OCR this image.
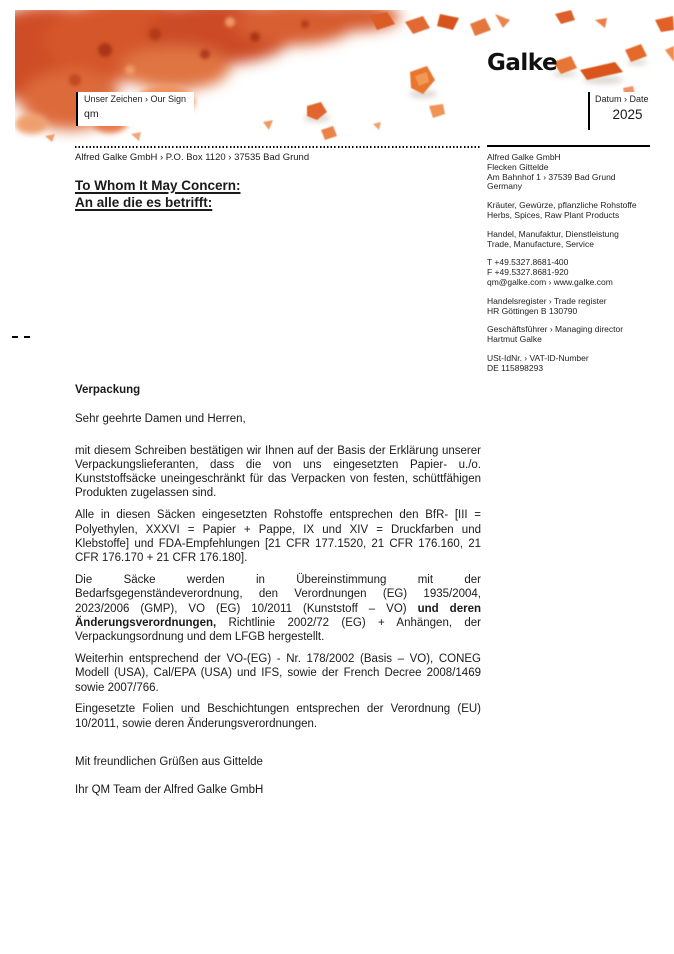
Galke
Unser Zeichen › Our Sign
qm
Datum › Date
2025
Alfred Galke GmbH › P.O. Box 1120 › 37535 Bad Grund
To Whom It May Concern:
An alle die es betrifft:
Alfred Galke GmbH
Flecken Gittelde
Am Bahnhof 1 › 37539 Bad Grund
Germany
Kräuter, Gewürze, pflanzliche Rohstoffe
Herbs, Spices, Raw Plant Products
Handel, Manufaktur, Dienstleistung
Trade, Manufacture, Service
T +49.5327.8681-400
F +49.5327.8681-920
qm@galke.com › www.galke.com
Handelsregister › Trade register
HR Göttingen B 130790
Geschäftsführer › Managing director
Hartmut Galke
USt-IdNr. › VAT-ID-Number
DE 115898293

Verpackung

Sehr geehrte Damen und Herren,

mit diesem Schreiben bestätigen wir Ihnen auf der Basis der Erklärung unserer Verpackungslieferanten, dass die von uns eingesetzten Papier- u./o. Kunststoffsäcke uneingeschränkt für das Verpacken von festen, schüttfähigen Produkten zugelassen sind.

Alle in diesen Säcken eingesetzten Rohstoffe entsprechen den BfR- [III = Polyethylen, XXXVI = Papier + Pappe, IX und XIV = Druckfarben und Klebstoffe] und FDA-Empfehlungen [21 CFR 177.1520, 21 CFR 176.160, 21 CFR 176.170 + 21 CFR 176.180].

Die Säcke werden in Übereinstimmung mit der Bedarfsgegenständeverordnung, den Verordnungen (EG) 1935/2004, 2023/2006 (GMP), VO (EG) 10/2011 (Kunststoff – VO) und deren Änderungsverordnungen, Richtlinie 2002/72 (EG) + Anhängen, der Verpackungsordnung und dem LFGB hergestellt.

Weiterhin entsprechend der VO-(EG) - Nr. 178/2002 (Basis – VO), CONEG Modell (USA), Cal/EPA (USA) und IFS, sowie der French Decree 2008/1469 sowie 2007/766.

Eingesetzte Folien und Beschichtungen entsprechen der Verordnung (EU) 10/2011, sowie deren Änderungsverordnungen.

Mit freundlichen Grüßen aus Gittelde

Ihr QM Team der Alfred Galke GmbH
